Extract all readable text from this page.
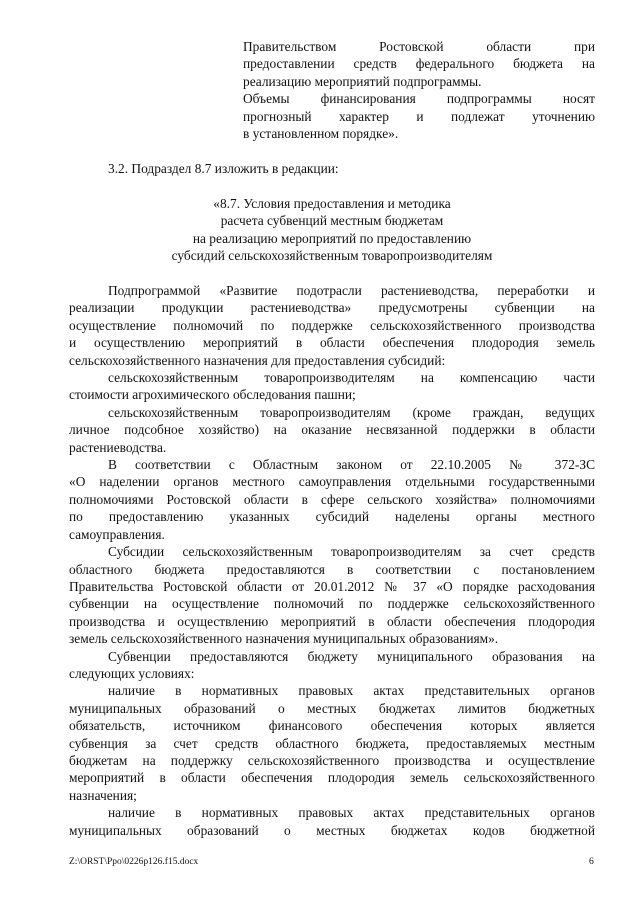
Правительством Ростовской области при
предоставлении средств федерального бюджета на
реализацию мероприятий подпрограммы.
Объемы финансирования подпрограммы носят
прогнозный характер и подлежат уточнению
в установленном порядке».
3.2. Подраздел 8.7 изложить в редакции:
«8.7. Условия предоставления и методика
расчета субвенций местным бюджетам
на реализацию мероприятий по предоставлению
субсидий сельскохозяйственным товаропроизводителям
Подпрограммой «Развитие подотрасли растениеводства, переработки и
реализации продукции растениеводства» предусмотрены субвенции на
осуществление полномочий по поддержке сельскохозяйственного производства
и осуществлению мероприятий в области обеспечения плодородия земель
сельскохозяйственного назначения для предоставления субсидий:
сельскохозяйственным товаропроизводителям на компенсацию части
стоимости агрохимического обследования пашни;
сельскохозяйственным товаропроизводителям (кроме граждан, ведущих
личное подсобное хозяйство) на оказание несвязанной поддержки в области
растениеводства.
В соответствии с Областным законом от 22.10.2005 № 372-ЗС
«О наделении органов местного самоуправления отдельными государственными
полномочиями Ростовской области в сфере сельского хозяйства» полномочиями
по предоставлению указанных субсидий наделены органы местного
самоуправления.
Субсидии сельскохозяйственным товаропроизводителям за счет средств
областного бюджета предоставляются в соответствии с постановлением
Правительства Ростовской области от 20.01.2012 № 37 «О порядке расходования
субвенции на осуществление полномочий по поддержке сельскохозяйственного
производства и осуществлению мероприятий в области обеспечения плодородия
земель сельскохозяйственного назначения муниципальных образованиям».
Субвенции предоставляются бюджету муниципального образования на
следующих условиях:
наличие в нормативных правовых актах представительных органов
муниципальных образований о местных бюджетах лимитов бюджетных
обязательств, источником финансового обеспечения которых является
субвенция за счет средств областного бюджета, предоставляемых местным
бюджетам на поддержку сельскохозяйственного производства и осуществление
мероприятий в области обеспечения плодородия земель сельскохозяйственного
назначения;
наличие в нормативных правовых актах представительных органов
муниципальных образований о местных бюджетах кодов бюджетной
Z:\ORST\Ppo\0226p126.f15.docx	6
